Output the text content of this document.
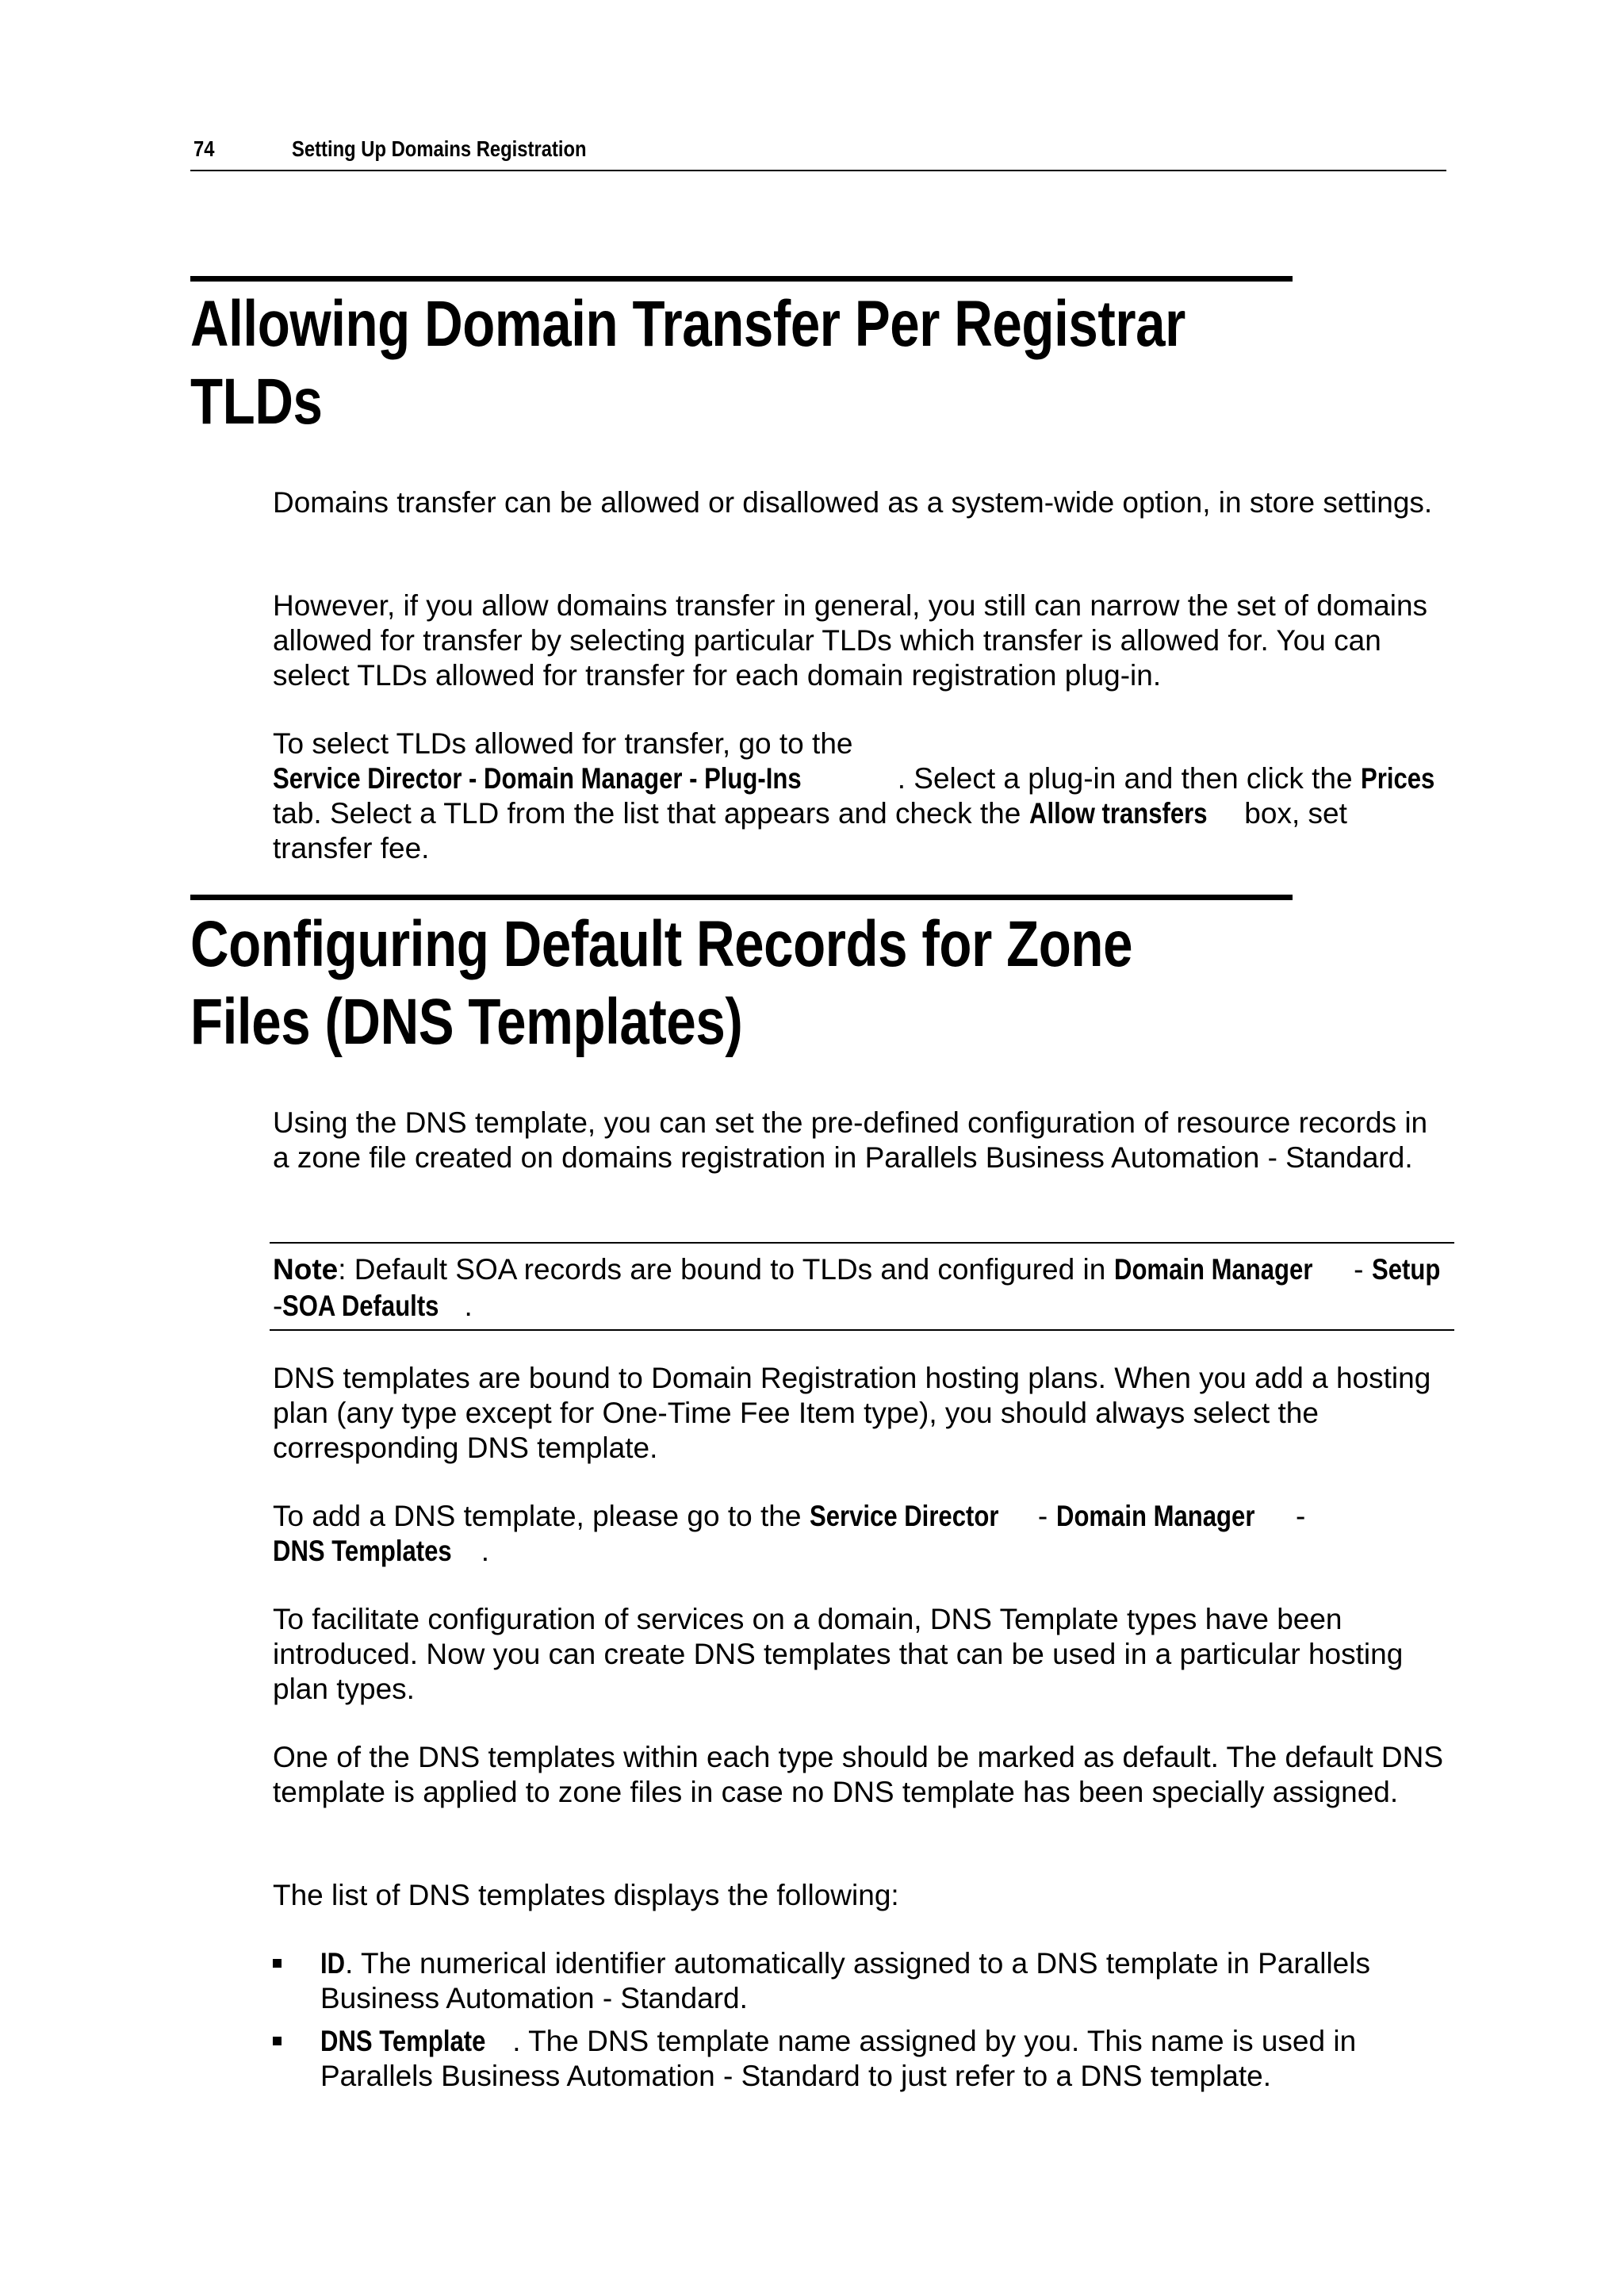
74	Setting Up Domains Registration
Allowing Domain Transfer Per Registrar
TLDs

Domains transfer can be allowed or disallowed as a system-wide option, in store settings.

However, if you allow domains transfer in general, you still can narrow the set of domains allowed for transfer by selecting particular TLDs which transfer is allowed for. You can select TLDs allowed for transfer for each domain registration plug-in.

To select TLDs allowed for transfer, go to the Service Director - Domain Manager - Plug-Ins	. Select a plug-in and then click the Prices tab. Select a TLD from the list that appears and check the Allow transfers box, set transfer fee.

Configuring Default Records for Zone
Files (DNS Templates)

Using the DNS template, you can set the pre-defined configuration of resource records in a zone file created on domains registration in Parallels Business Automation - Standard.

Note: Default SOA records are bound to TLDs and configured in Domain Manager - Setup -SOA Defaults .

DNS templates are bound to Domain Registration hosting plans. When you add a hosting plan (any type except for One-Time Fee Item type), you should always select the corresponding DNS template.

To add a DNS template, please go to the Service Director - Domain Manager - DNS Templates .

To facilitate configuration of services on a domain, DNS Template types have been introduced. Now you can create DNS templates that can be used in a particular hosting plan types.

One of the DNS templates within each type should be marked as default. The default DNS template is applied to zone files in case no DNS template has been specially assigned.

The list of DNS templates displays the following:

ID. The numerical identifier automatically assigned to a DNS template in Parallels Business Automation - Standard.
DNS Template . The DNS template name assigned by you. This name is used in Parallels Business Automation - Standard to just refer to a DNS template.
